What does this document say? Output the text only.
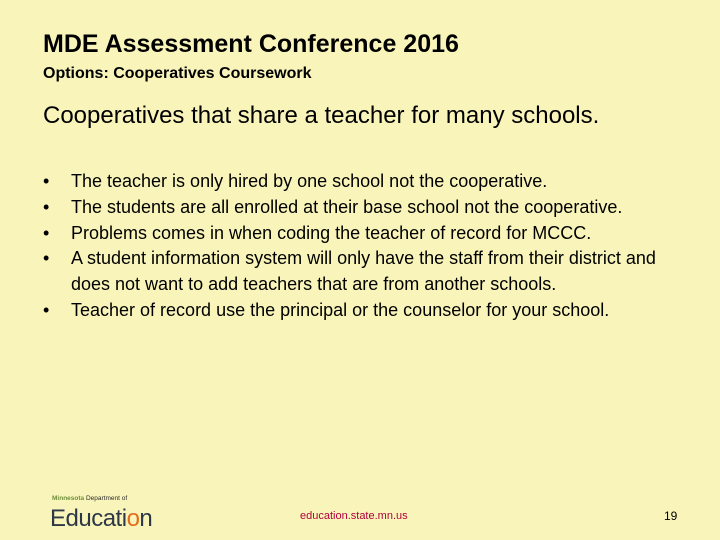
MDE Assessment Conference 2016
Options: Cooperatives Coursework
Cooperatives that share a teacher for many schools.
• The teacher is only hired by one school not the cooperative.
• The students are all enrolled at their base school not the cooperative.
• Problems comes in when coding the teacher of record for MCCC.
• A student information system will only have the staff from their district and does not want to add teachers that are from another schools.
• Teacher of record use the principal or the counselor for your school.
Minnesota Department of
Education	education.state.mn.us	19
